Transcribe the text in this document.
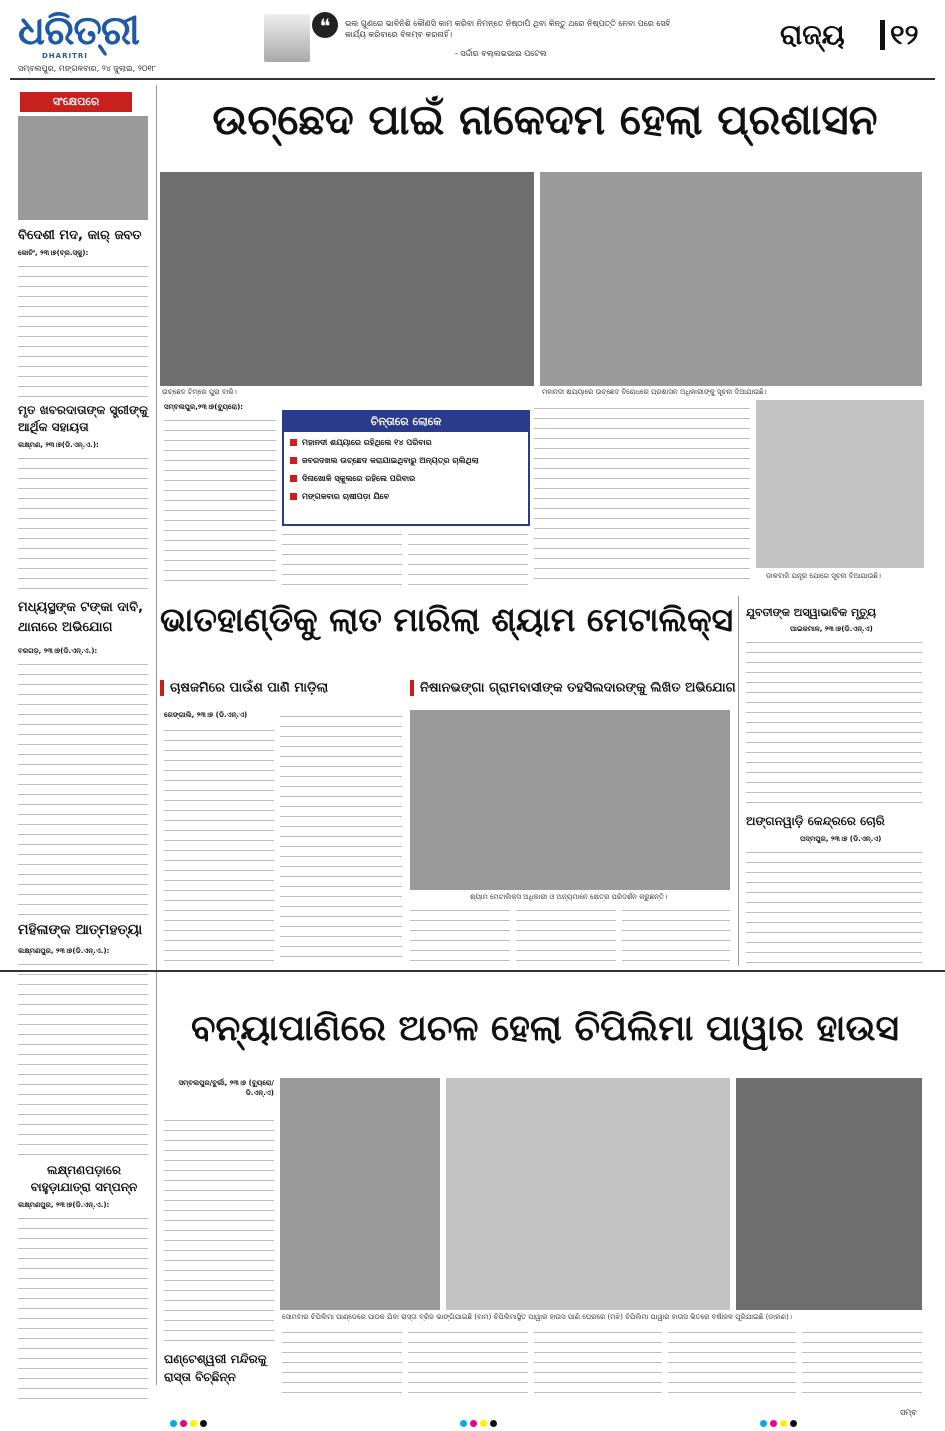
ଧରିତ୍ରୀ
DHARITRI
❝	ଭଲ ଗୁଣରେ ଭାବିନିଶି କୌଣସି କାମ କରିବା ନିମନ୍ତେ ନିଷ୍ଠାପି ଥିବା କିନ୍ତୁ ଥରେ ନିଷ୍ପତ୍ତି ନେବା ପରେ ସେହି କାର୍ଯ୍ୟ କରିବାରେ ବିଳମ୍ବ କରନାହିଁ।
- ସର୍ଦ୍ଦାର ବଲ୍ଲଭଭାଇ ପଟେଲ
ରାଜ୍ୟ ୧୨
ସମ୍ବଲପୁର, ମଙ୍ଗଳବାର, ୨୪ ଜୁଲାଇ, ୨୦୧୮
ସଂକ୍ଷେପରେ
ବିଦେଶୀ ମଦ, କାର୍ ଜବତ
କୋଚିଂ, ୨୩।୭(ବ୍ର.ସ୍କୁ):
ମୃତ ଖବରଦାତାଙ୍କ ସ୍ତ୍ରୀଙ୍କୁ ଆର୍ଥିକ ସହାୟତା
ଲକ୍ଷ୍ମଣ, ୨୩।୭(ଡି.ଏନ୍.ଏ.):
ମଧ୍ୟସ୍ଥଙ୍କ ଟଙ୍କା ଦାବି, ଥାନାରେ ଅଭିଯୋଗ
ବରଗଡ଼, ୨୩।୭(ଡି.ଏନ୍.ଏ.):
ମହିଳାଙ୍କ ଆତ୍ମହତ୍ୟା
ଲକ୍ଷ୍ମଣପୁର, ୨୩।୭(ଡି.ଏନ୍.ଏ.):
ଲକ୍ଷ୍ମଣପଡ଼ାରେ ବାହୁଡ଼ାଯାତ୍ରା ସମ୍ପନ୍ନ
ଲକ୍ଷ୍ମଣପୁର, ୨୩।୭(ଡି.ଏନ୍.ଏ.):
ଉଚ୍ଛେଦ ପାଇଁ ନାକେଦମ ହେଲା ପ୍ରଶାସନ
ଉଚ୍ଛେଦ ଟିମ୍‌ରେ ପୁରା ବାରି।	ମହାନଦୀ ଶଯ୍ୟାରେ ଉଚ୍ଛେଦ ବିରୋଧରେ ପ୍ରଶାସନ ଅଧିକାରୀଙ୍କୁ ସୂଚନା ଦିଆଯାଉଛି।
ସମ୍ବଲପୁର,୨୩।୭(ବ୍ୟୁରୋ):
ଚିନ୍ତାରେ ଲୋକେ
ମହାନଦୀ ଶଯ୍ୟାରେ ରହିଥିଲେ ୧୪ ପରିବାର
ଜବରଦଖଲ ଉଚ୍ଛେଦ କରାଯାଇଥିବାରୁ ଅନ୍ୟତ୍ର ଚାଲିଥିଲା
ଦିନାଖୋଳି ସ୍କୁଲରେ ରହିଲେ ପରିବାର
ମଙ୍ଗଳବାର ଚାଷୀପଡ଼ା ଯିବେ
ଡାକବାଜି ଯନ୍ତ୍ର ଯୋଗେ ସୂଚନା ଦିଆଯାଉଛି।
ଭାତହାଣ୍ଡିକୁ ଲାତ ମାରିଲା ଶ୍ୟାମ ମେଟାଲିକ୍ସ
ଚାଷଜମିରେ ପାଉଁଶ ପାଣି ମାଡ଼ିଲା	ନିଷାନଭଙ୍ଗା ଗ୍ରାମବାସୀଙ୍କ ତହସିଲଦାରଙ୍କୁ ଲିଖିତ ଅଭିଯୋଗ
ରେଙ୍ଗାଲି, ୨୩।୭ (ଡି.ଏନ୍.ଏ)
ଶ୍ୟାମ ମେଟାଲିକ୍ସ ଅଧିକାରୀ ଓ ଅନ୍ୟମାନେ କ୍ଷେତ୍ର ପରିଦର୍ଶନ କରୁଛନ୍ତି।
ଯୁବତୀଙ୍କ ଅସ୍ୱାଭାବିକ ମୃତ୍ୟୁ
ପାଇକମାଳ, ୨୩।୭(ଡି.ଏନ୍.ଏ)
ଅଙ୍ଗନୱାଡ଼ି କେନ୍ଦ୍ରରେ ଚୋରି
ପଦ୍ମପୁର, ୨୩।୭ (ଡି.ଏନ୍.ଏ)
ବନ୍ୟାପାଣିରେ ଅଚଳ ହେଲା ଚିପିଲିମା ପାୱାର ହାଉସ
ସମ୍ବଲପୁର/ବୁର୍ଲା, ୨୩।୭ (ବ୍ୟୁରୋ/ ଡି.ଏନ୍.ଏ)
ଘଣ୍ଟେଶ୍ୱରୀ ମନ୍ଦିରକୁ ରାସ୍ତା ବିଚ୍ଛିନ୍ନ
ସୋମବାର ଚିପିଲିମା ପାଣ୍ଡେରେ ପାଠକ ଯିବା ରାସ୍ତା ବ୍ରିଜ ଭାଙ୍ଗିଯାଇଛି (ବାମ) ଚିପିଲିମାସ୍ଥିତ ପାୱାର ହାଉସ ପାଣି ଘେରରେ (ମଝି) ଚିପିଲିମା ପାୱାର ହାଉସ ଭିତରେ ବର୍ଷାଜଳ ପୂରିଯାଇଛି (ଡାହାଣ)।
ସମ୍ବ
